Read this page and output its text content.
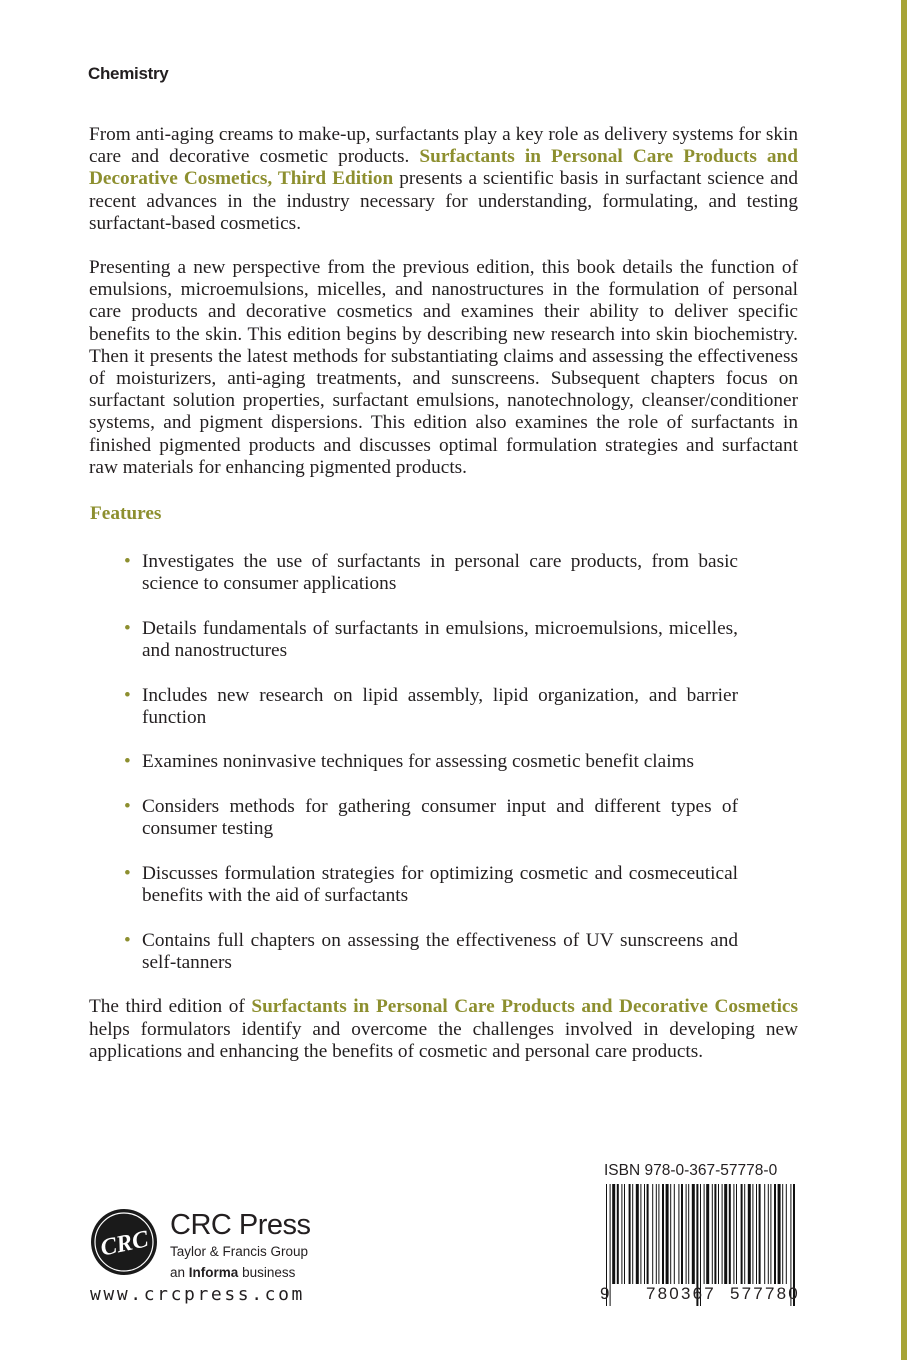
Chemistry

From anti-aging creams to make-up, surfactants play a key role as delivery systems for skin care and decorative cosmetic products. Surfactants in Personal Care Products and Decorative Cosmetics, Third Edition presents a scientific basis in surfactant science and recent advances in the industry necessary for understanding, formulating, and testing surfactant-based cosmetics.

Presenting a new perspective from the previous edition, this book details the function of emulsions, microemulsions, micelles, and nanostructures in the formulation of personal care products and decorative cosmetics and examines their ability to deliver specific benefits to the skin. This edition begins by describing new research into skin biochemistry. Then it presents the latest methods for substantiating claims and assessing the effectiveness of moisturizers, anti-aging treatments, and sunscreens. Subsequent chapters focus on surfactant solution properties, surfactant emulsions, nanotechnology, cleanser/conditioner systems, and pigment dispersions. This edition also examines the role of surfactants in finished pigmented products and discusses optimal formulation strategies and surfactant raw materials for enhancing pigmented products.

Features
• Investigates the use of surfactants in personal care products, from basic science to consumer applications
• Details fundamentals of surfactants in emulsions, microemulsions, micelles, and nanostructures
• Includes new research on lipid assembly, lipid organization, and barrier function
• Examines noninvasive techniques for assessing cosmetic benefit claims
• Considers methods for gathering consumer input and different types of consumer testing
• Discusses formulation strategies for optimizing cosmetic and cosmeceutical benefits with the aid of surfactants
• Contains full chapters on assessing the effectiveness of UV sunscreens and self-tanners

The third edition of Surfactants in Personal Care Products and Decorative Cosmetics helps formulators identify and overcome the challenges involved in developing new applications and enhancing the benefits of cosmetic and personal care products.

CRC
CRC Press
Taylor & Francis Group
an Informa business
www.crcpress.com
ISBN 978-0-367-57778-0
9 780367 577780
